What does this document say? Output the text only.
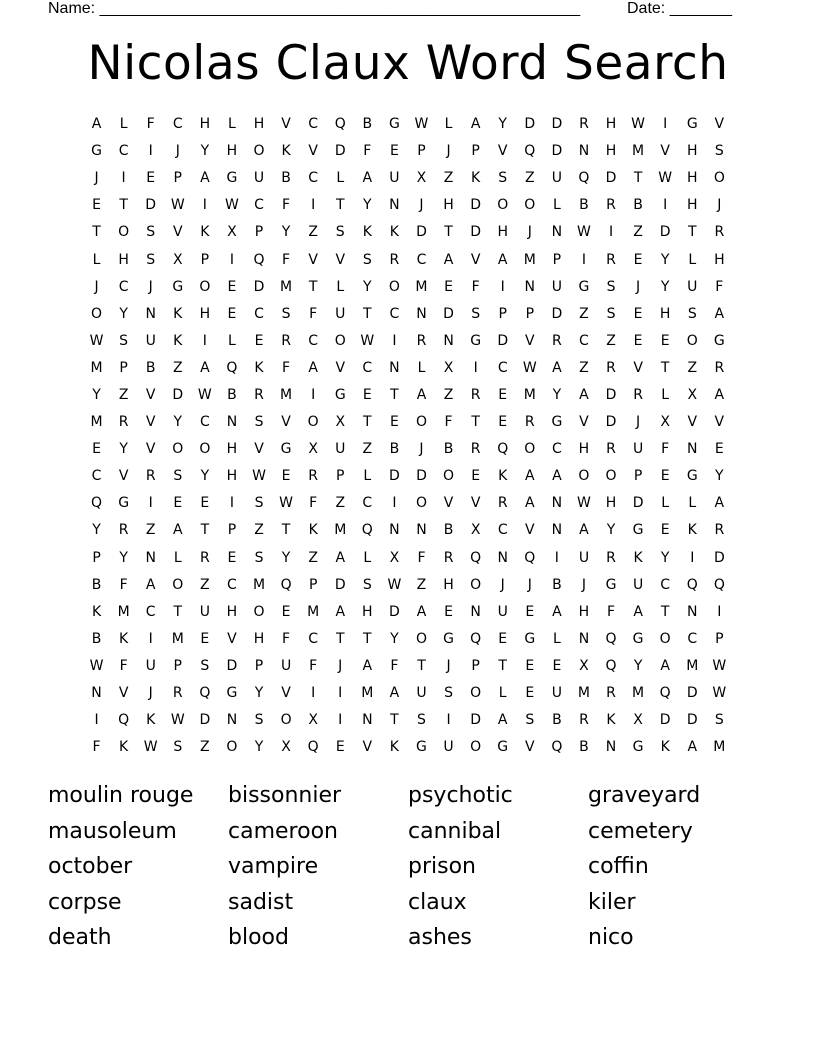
Name: ______________________________________________________	Date: _______
Nicolas Claux Word Search
A	L	F	C	H	L	H	V	C	Q	B	G	W	L	A	Y	D	D	R	H	W	I	G	V
G	C	I	J	Y	H	O	K	V	D	F	E	P	J	P	V	Q	D	N	H	M	V	H	S
J	I	E	P	A	G	U	B	C	L	A	U	X	Z	K	S	Z	U	Q	D	T	W	H	O
E	T	D	W	I	W	C	F	I	T	Y	N	J	H	D	O	O	L	B	R	B	I	H	J
T	O	S	V	K	X	P	Y	Z	S	K	K	D	T	D	H	J	N	W	I	Z	D	T	R
L	H	S	X	P	I	Q	F	V	V	S	R	C	A	V	A	M	P	I	R	E	Y	L	H
J	C	J	G	O	E	D	M	T	L	Y	O	M	E	F	I	N	U	G	S	J	Y	U	F
O	Y	N	K	H	E	C	S	F	U	T	C	N	D	S	P	P	D	Z	S	E	H	S	A
W	S	U	K	I	L	E	R	C	O	W	I	R	N	G	D	V	R	C	Z	E	E	O	G
M	P	B	Z	A	Q	K	F	A	V	C	N	L	X	I	C	W	A	Z	R	V	T	Z	R
Y	Z	V	D	W	B	R	M	I	G	E	T	A	Z	R	E	M	Y	A	D	R	L	X	A
M	R	V	Y	C	N	S	V	O	X	T	E	O	F	T	E	R	G	V	D	J	X	V	V
E	Y	V	O	O	H	V	G	X	U	Z	B	J	B	R	Q	O	C	H	R	U	F	N	E
C	V	R	S	Y	H	W	E	R	P	L	D	D	O	E	K	A	A	O	O	P	E	G	Y
Q	G	I	E	E	I	S	W	F	Z	C	I	O	V	V	R	A	N	W	H	D	L	L	A
Y	R	Z	A	T	P	Z	T	K	M	Q	N	N	B	X	C	V	N	A	Y	G	E	K	R
P	Y	N	L	R	E	S	Y	Z	A	L	X	F	R	Q	N	Q	I	U	R	K	Y	I	D
B	F	A	O	Z	C	M	Q	P	D	S	W	Z	H	O	J	J	B	J	G	U	C	Q	Q
K	M	C	T	U	H	O	E	M	A	H	D	A	E	N	U	E	A	H	F	A	T	N	I
B	K	I	M	E	V	H	F	C	T	T	Y	O	G	Q	E	G	L	N	Q	G	O	C	P
W	F	U	P	S	D	P	U	F	J	A	F	T	J	P	T	E	E	X	Q	Y	A	M	W
N	V	J	R	Q	G	Y	V	I	I	M	A	U	S	O	L	E	U	M	R	M	Q	D	W
I	Q	K	W	D	N	S	O	X	I	N	T	S	I	D	A	S	B	R	K	X	D	D	S
F	K	W	S	Z	O	Y	X	Q	E	V	K	G	U	O	G	V	Q	B	N	G	K	A	M
moulin rouge	bissonnier	psychotic	graveyard
mausoleum	cameroon	cannibal	cemetery
october	vampire	prison	coffin
corpse	sadist	claux	kiler
death	blood	ashes	nico
